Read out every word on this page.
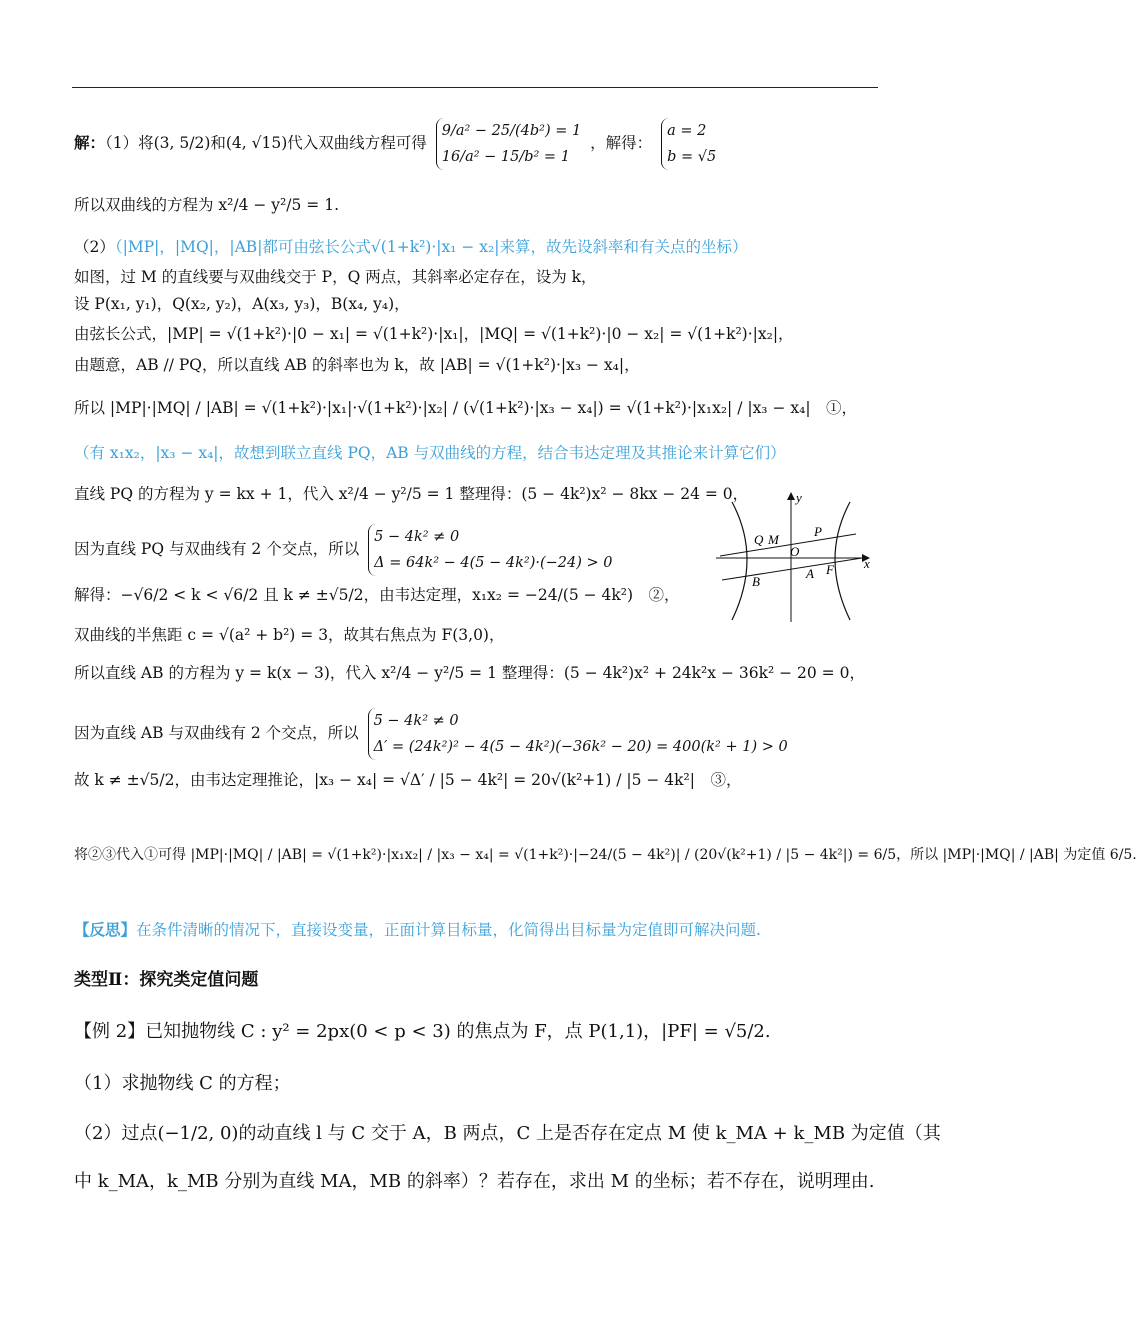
解：（1）将(3, 5/2)和(4, √15)代入双曲线方程可得
9/a² − 25/(4b²) = 1
16/a² − 15/b² = 1
，解得：
a = 2
b = √5
所以双曲线的方程为 x²/4 − y²/5 = 1.
（2）（|MP|，|MQ|，|AB|都可由弦长公式√(1+k²)·|x₁ − x₂|来算，故先设斜率和有关点的坐标）
如图，过 M 的直线要与双曲线交于 P，Q 两点，其斜率必定存在，设为 k，
设 P(x₁, y₁)，Q(x₂, y₂)，A(x₃, y₃)，B(x₄, y₄)，
由弦长公式，|MP| = √(1+k²)·|0 − x₁| = √(1+k²)·|x₁|，|MQ| = √(1+k²)·|0 − x₂| = √(1+k²)·|x₂|，
由题意，AB // PQ，所以直线 AB 的斜率也为 k，故 |AB| = √(1+k²)·|x₃ − x₄|，
所以 |MP|·|MQ| / |AB| = √(1+k²)·|x₁|·√(1+k²)·|x₂| / (√(1+k²)·|x₃ − x₄|) = √(1+k²)·|x₁x₂| / |x₃ − x₄|　①，
（有 x₁x₂，|x₃ − x₄|，故想到联立直线 PQ，AB 与双曲线的方程，结合韦达定理及其推论来计算它们）
直线 PQ 的方程为 y = kx + 1，代入 x²/4 − y²/5 = 1 整理得：(5 − 4k²)x² − 8kx − 24 = 0，
因为直线 PQ 与双曲线有 2 个交点，所以
5 − 4k² ≠ 0
Δ = 64k² − 4(5 − 4k²)·(−24) > 0
解得：−√6/2 < k < √6/2 且 k ≠ ±√5/2，由韦达定理，x₁x₂ = −24/(5 − 4k²)　②，
双曲线的半焦距 c = √(a² + b²) = 3，故其右焦点为 F(3,0)，
所以直线 AB 的方程为 y = k(x − 3)，代入 x²/4 − y²/5 = 1 整理得：(5 − 4k²)x² + 24k²x − 36k² − 20 = 0，
因为直线 AB 与双曲线有 2 个交点，所以
5 − 4k² ≠ 0
Δ′ = (24k²)² − 4(5 − 4k²)(−36k² − 20) = 400(k² + 1) > 0
故 k ≠ ±√5/2，由韦达定理推论，|x₃ − x₄| = √Δ′ / |5 − 4k²| = 20√(k²+1) / |5 − 4k²|　③，
将②③代入①可得 |MP|·|MQ| / |AB| = √(1+k²)·|x₁x₂| / |x₃ − x₄| = √(1+k²)·|−24/(5 − 4k²)| / (20√(k²+1) / |5 − 4k²|) = 6/5，所以 |MP|·|MQ| / |AB| 为定值 6/5.
【反思】在条件清晰的情况下，直接设变量，正面计算目标量，化简得出目标量为定值即可解决问题.
类型Ⅱ：探究类定值问题
【例 2】已知抛物线 C : y² = 2px(0 < p < 3) 的焦点为 F，点 P(1,1)，|PF| = √5/2.
（1）求抛物线 C 的方程；
（2）过点(−1/2, 0)的动直线 l 与 C 交于 A，B 两点，C 上是否存在定点 M 使 k_MA + k_MB 为定值（其
中 k_MA，k_MB 分别为直线 MA，MB 的斜率）？若存在，求出 M 的坐标；若不存在，说明理由.
y
x
Q M
P
O
B
A F
